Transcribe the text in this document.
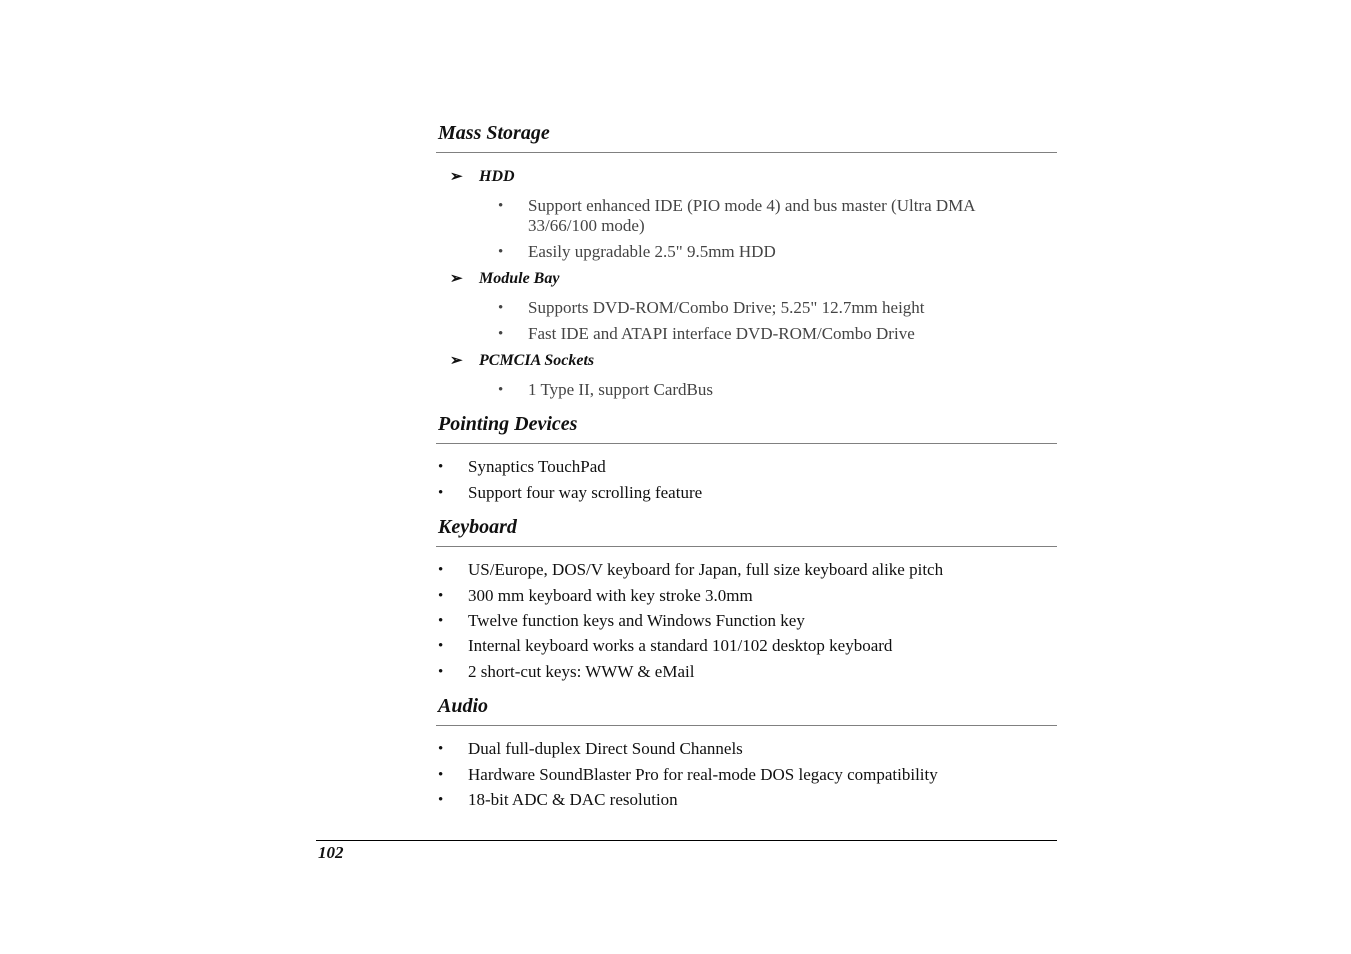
Mass Storage
➢ HDD
• Support enhanced IDE (PIO mode 4) and bus master (Ultra DMA
33/66/100 mode)
• Easily upgradable 2.5" 9.5mm HDD
➢ Module Bay
• Supports DVD-ROM/Combo Drive; 5.25" 12.7mm height
• Fast IDE and ATAPI interface DVD-ROM/Combo Drive
➢ PCMCIA Sockets
• 1 Type II, support CardBus
Pointing Devices
• Synaptics TouchPad
• Support four way scrolling feature
Keyboard
• US/Europe, DOS/V keyboard for Japan, full size keyboard alike pitch
• 300 mm keyboard with key stroke 3.0mm
• Twelve function keys and Windows Function key
• Internal keyboard works a standard 101/102 desktop keyboard
• 2 short-cut keys: WWW & eMail
Audio
• Dual full-duplex Direct Sound Channels
• Hardware SoundBlaster Pro for real-mode DOS legacy compatibility
• 18-bit ADC & DAC resolution
102
